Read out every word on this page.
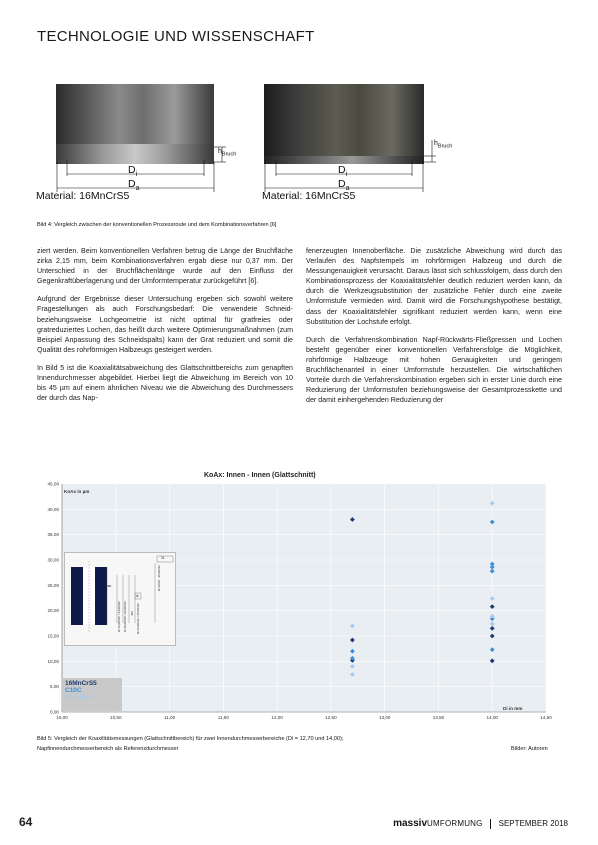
TECHNOLOGIE UND WISSENSCHAFT
$D_i$
$D_a$
$h_{Bruch}$
Material: 16MnCrS5
$D_i$
$D_a$
$h_{Bruch}$
Material: 16MnCrS5
Bild 4: Vergleich zwischen der konventionellen Prozessroute und dem Kombinationsverfahren [6]

ziert werden. Beim konventionellen Verfahren betrug die Länge der Bruchfläche zirka 2,15 mm, beim Kombinationsverfahren ergab diese nur 0,37 mm. Der Unterschied in der Bruchflächenlänge wurde auf den Einfluss der Gegenkraftüberlagerung und der Umformtemperatur zurückgeführt [6].

Aufgrund der Ergebnisse dieser Untersuchung ergeben sich sowohl weitere Fragestellungen als auch Forschungsbedarf: Die verwendete Schneid- beziehungsweise Lochgeometrie ist nicht optimal für gratfreies oder gratreduziertes Lochen, das heißt durch weitere Optimierungsmaßnahmen (zum Beispiel Anpassung des Schneidspalts) kann der Grat reduziert und somit die Qualität des rohrförmigen Halbzeugs gesteigert werden.

In Bild 5 ist die Koaxialitätsabweichung des Glattschnittbereichs zum genapften Innendurchmesser abgebildet. Hierbei liegt die Abweichung im Bereich von 10 bis 45 µm auf einem ähnlichen Niveau wie die Abweichung des Durchmessers der durch das Nap-

fenerzeugten Innenoberfläche. Die zusätzliche Abweichung wird durch das Verlaufen des Napfstempels im rohrförmigen Halbzeug und durch die Messungenauigkeit verursacht. Daraus lässt sich schlussfolgern, dass durch den Kombinationsprozess der Koaxialitätsfehler deutlich reduziert werden kann, da durch die Werkzeugsubstitution der zusätzliche Fehler durch eine zweite Umformstufe vermieden wird. Damit wird die Forschungshypothese bestätigt, dass der Koaxialitätsfehler signifikant reduziert werden kann, wenn eine Substitution der Lochstufe erfolgt.

Durch die Verfahrenskombination Napf-Rückwärts-Fließpressen und Lochen besteht gegenüber einer konventionellen Verfahrensfolge die Möglichkeit, rohrförmige Halbzeuge mit hohen Genauigkeiten und geringem Bruchflächenanteil in einer Umformstufe herzustellen. Die wirtschaftlichen Vorteile durch die Verfahrenskombination ergeben sich in erster Linie durch eine Reduzierung der Umformstufen beziehungsweise der Gesamtprozesskette und der damit einhergehenden Reduzierung der

0,00
5,00
10,00
15,00
20,00
25,00
30,00
35,00
40,00
45,00
10,00	10,50	11,00	11,50	12,00	12,50	13,00	13,50	14,00	14,50
KoAx: Innen - Innen (Glattschnitt)
KoAx in µm
Di in mm
11
A
Ø 30,00 - 35,00mm
Ø 23,00mm / 25,00mm
Ø 20,00mm / 22,00mm
Ø 13,00mm / 14,00mm	ØA
16MnCrS5
C10C
42CrMo4
Bild 5: Vergleich der Koaxilitätsmessungen (Glattschnittbereich) für zwei Innendurchmesserbereiche (Di = 12,70 und 14,00);
Napfinnendurchmesserbereich als Referenzdurchmesser	Bilder: Autoren
64	massivUMFORMUNG SEPTEMBER 2018
